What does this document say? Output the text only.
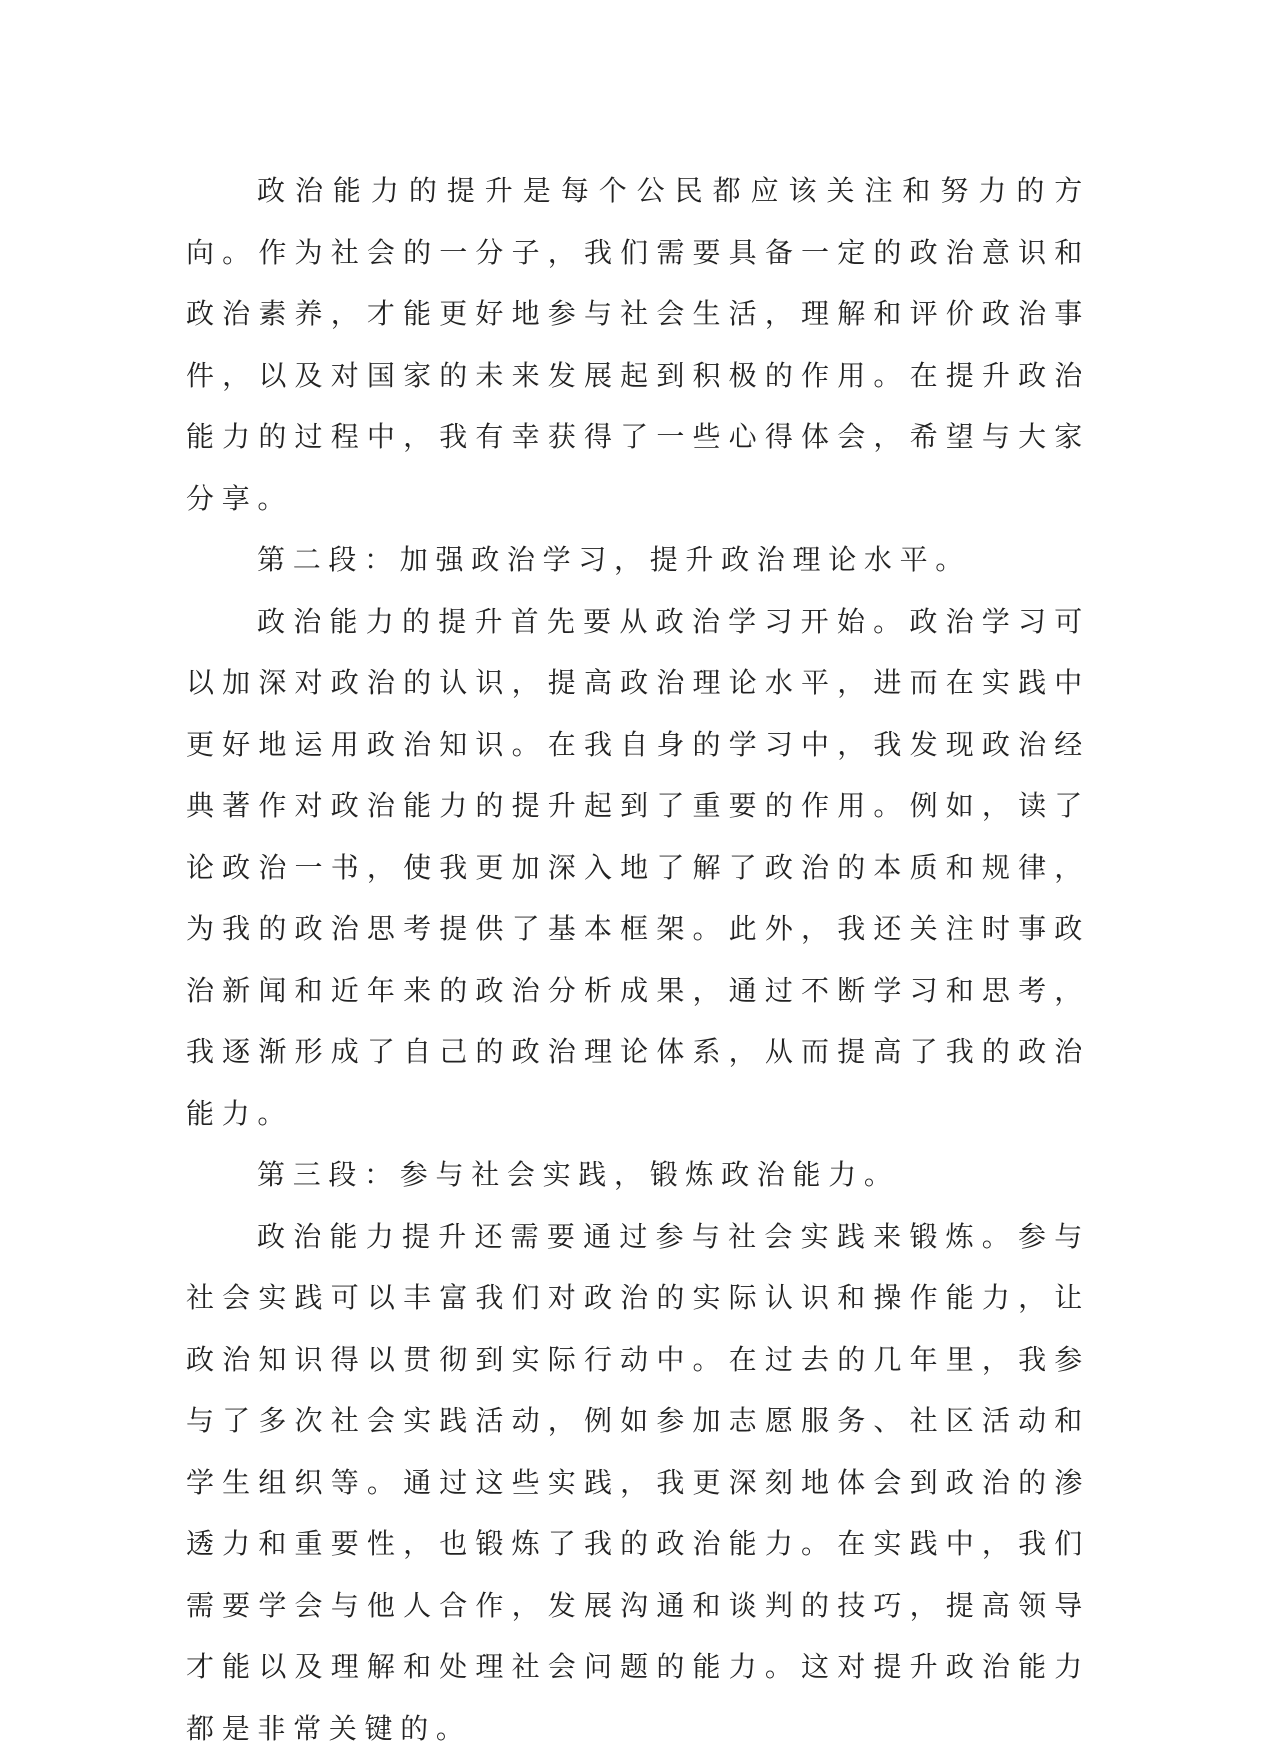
政治能力的提升是每个公民都应该关注和努力的方向。作为社会的一分子，我们需要具备一定的政治意识和政治素养，才能更好地参与社会生活，理解和评价政治事件，以及对国家的未来发展起到积极的作用。在提升政治能力的过程中，我有幸获得了一些心得体会，希望与大家分享。

第二段：加强政治学习，提升政治理论水平。

政治能力的提升首先要从政治学习开始。政治学习可以加深对政治的认识，提高政治理论水平，进而在实践中更好地运用政治知识。在我自身的学习中，我发现政治经典著作对政治能力的提升起到了重要的作用。例如，读了论政治一书，使我更加深入地了解了政治的本质和规律，为我的政治思考提供了基本框架。此外，我还关注时事政治新闻和近年来的政治分析成果，通过不断学习和思考，我逐渐形成了自己的政治理论体系，从而提高了我的政治能力。

第三段：参与社会实践，锻炼政治能力。

政治能力提升还需要通过参与社会实践来锻炼。参与社会实践可以丰富我们对政治的实际认识和操作能力，让政治知识得以贯彻到实际行动中。在过去的几年里，我参与了多次社会实践活动，例如参加志愿服务、社区活动和学生组织等。通过这些实践，我更深刻地体会到政治的渗透力和重要性，也锻炼了我的政治能力。在实践中，我们需要学会与他人合作，发展沟通和谈判的技巧，提高领导才能以及理解和处理社会问题的能力。这对提升政治能力都是非常关键的。
